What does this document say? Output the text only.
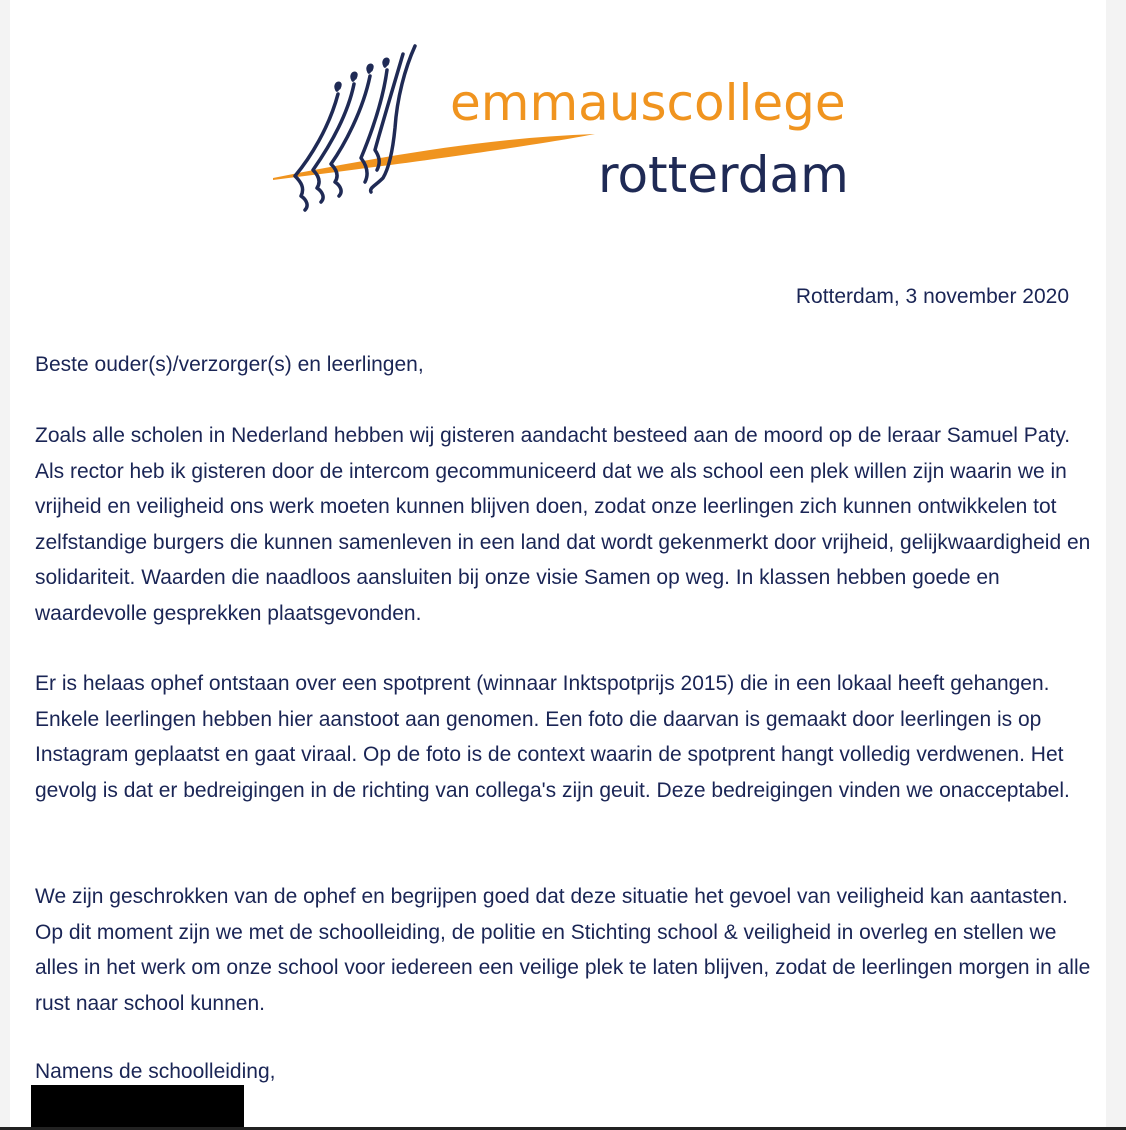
emmauscollege
rotterdam
Rotterdam, 3 november 2020
Beste ouder(s)/verzorger(s) en leerlingen,

Zoals alle scholen in Nederland hebben wij gisteren aandacht besteed aan de moord op de leraar Samuel Paty. Als rector heb ik gisteren door de intercom gecommuniceerd dat we als school een plek willen zijn waarin we in vrijheid en veiligheid ons werk moeten kunnen blijven doen, zodat onze leerlingen zich kunnen ontwikkelen tot zelfstandige burgers die kunnen samenleven in een land dat wordt gekenmerkt door vrijheid, gelijkwaardigheid en solidariteit. Waarden die naadloos aansluiten bij onze visie Samen op weg. In klassen hebben goede en waardevolle gesprekken plaatsgevonden.

Er is helaas ophef ontstaan over een spotprent (winnaar Inktspotprijs 2015) die in een lokaal heeft gehangen. Enkele leerlingen hebben hier aanstoot aan genomen. Een foto die daarvan is gemaakt door leerlingen is op Instagram geplaatst en gaat viraal. Op de foto is de context waarin de spotprent hangt volledig verdwenen. Het gevolg is dat er bedreigingen in de richting van collega's zijn geuit. Deze bedreigingen vinden we onacceptabel.

We zijn geschrokken van de ophef en begrijpen goed dat deze situatie het gevoel van veiligheid kan aantasten. Op dit moment zijn we met de schoolleiding, de politie en Stichting school & veiligheid in overleg en stellen we alles in het werk om onze school voor iedereen een veilige plek te laten blijven, zodat de leerlingen morgen in alle rust naar school kunnen.

Namens de schoolleiding,
